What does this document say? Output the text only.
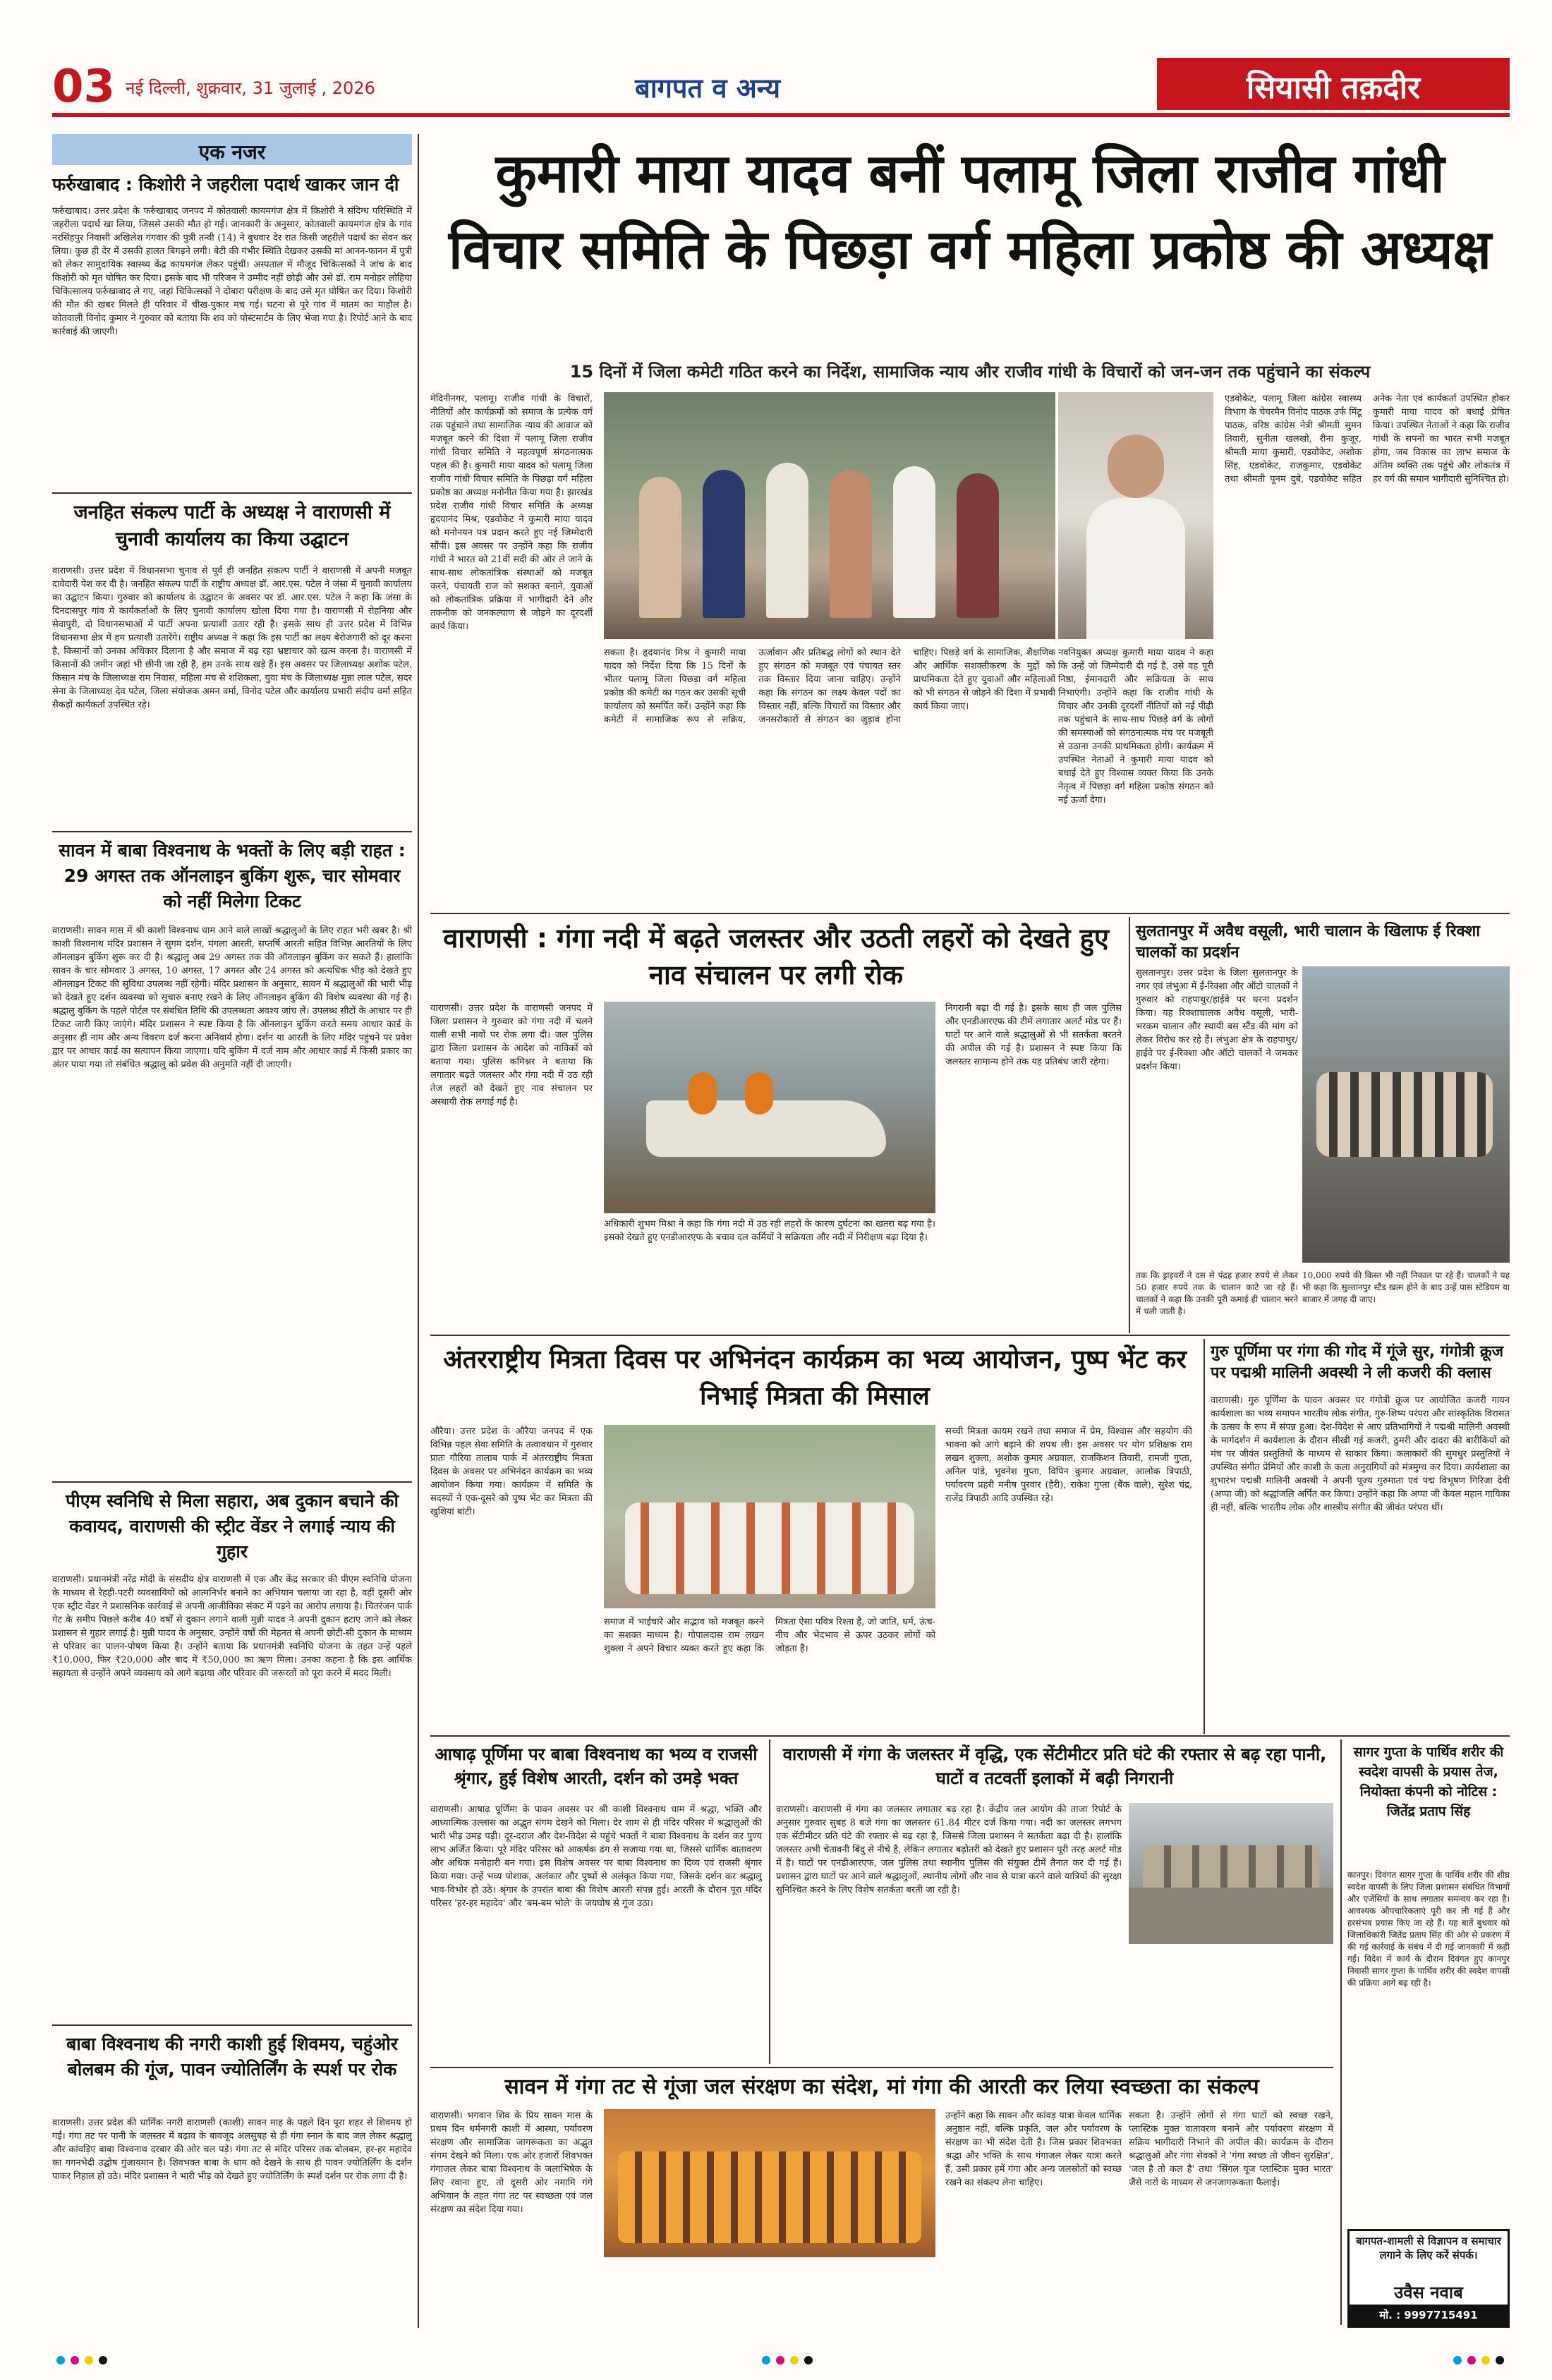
03 नई दिल्ली, शुक्रवार, 31 जुलाई , 2026	बागपत व अन्य	सियासी तक़दीर
एक नजर
फर्रुखाबाद : किशोरी ने जहरीला पदार्थ खाकर जान दी

फर्रुखाबाद। उत्तर प्रदेश के फर्रुखाबाद जनपद में कोतवाली कायमगंज क्षेत्र में किशोरी ने संदिग्ध परिस्थिति में जहरीला पदार्थ खा लिया, जिससे उसकी मौत हो गई। जानकारी के अनुसार, कोतवाली कायमगंज क्षेत्र के गांव नरसिंहपुर निवासी अखिलेश गंगवार की पुत्री तन्वी (14) ने बुधवार देर रात किसी जहरीले पदार्थ का सेवन कर लिया। कुछ ही देर में उसकी हालत बिगड़ने लगी। बेटी की गंभीर स्थिति देखकर उसकी मां आनन-फानन में पुत्री को लेकर सामुदायिक स्वास्थ्य केंद्र कायमगंज लेकर पहुंचीं। अस्पताल में मौजूद चिकित्सकों ने जांच के बाद किशोरी को मृत घोषित कर दिया। इसके बाद भी परिजन ने उम्मीद नहीं छोड़ी और उसे डॉ. राम मनोहर लोहिया चिकित्सालय फर्रुखाबाद ले गए, जहां चिकित्सकों ने दोबारा परीक्षण के बाद उसे मृत घोषित कर दिया। किशोरी की मौत की खबर मिलते ही परिवार में चीख-पुकार मच गई। घटना से पूरे गांव में मातम का माहौल है। कोतवाली विनोद कुमार ने गुरुवार को बताया कि शव को पोस्टमार्टम के लिए भेजा गया है। रिपोर्ट आने के बाद कार्रवाई की जाएगी।

जनहित संकल्प पार्टी के अध्यक्ष ने वाराणसी में चुनावी कार्यालय का किया उद्घाटन

वाराणसी। उत्तर प्रदेश में विधानसभा चुनाव से पूर्व ही जनहित संकल्प पार्टी ने वाराणसी में अपनी मजबूत दावेदारी पेश कर दी है। जनहित संकल्प पार्टी के राष्ट्रीय अध्यक्ष डॉ. आर.एस. पटेल ने जंसा में चुनावी कार्यालय का उद्घाटन किया। गुरुवार को कार्यालय के उद्घाटन के अवसर पर डॉ. आर.एस. पटेल ने कहा कि जंसा के दिनदासपुर गांव में कार्यकर्ताओं के लिए चुनावी कार्यालय खोला दिया गया है। वाराणसी में रोहनिया और सेवापुरी, दो विधानसभाओं में पार्टी अपना प्रत्याशी उतार रही है। इसके साथ ही उत्तर प्रदेश में विभिन्न विधानसभा क्षेत्र में हम प्रत्याशी उतारेंगे। राष्ट्रीय अध्यक्ष ने कहा कि इस पार्टी का लक्ष्य बेरोजगारी को दूर करना है, किसानों को उनका अधिकार दिलाना है और समाज में बढ़ रहा भ्रष्टाचार को खत्म करना है। वाराणसी में किसानों की जमीन जहां भी छीनी जा रही है, हम उनके साथ खड़े हैं। इस अवसर पर जिलाध्यक्ष अशोक पटेल, किसान मंच के जिलाध्यक्ष राम निवास, महिला मंच से शशिकला, युवा मंच के जिलाध्यक्ष मुन्ना लाल पटेल, सदर सेना के जिलाध्यक्ष देव पटेल, जिला संयोजक अमन वर्मा, विनोद पटेल और कार्यालय प्रभारी संदीप वर्मा सहित सैकड़ों कार्यकर्ता उपस्थित रहे।

सावन में बाबा विश्वनाथ के भक्तों के लिए बड़ी राहत : 29 अगस्त तक ऑनलाइन बुकिंग शुरू, चार सोमवार को नहीं मिलेगा टिकट

वाराणसी। सावन मास में श्री काशी विश्वनाथ धाम आने वाले लाखों श्रद्धालुओं के लिए राहत भरी खबर है। श्री काशी विश्वनाथ मंदिर प्रशासन ने सुगम दर्शन, मंगला आरती, सप्तर्षि आरती सहित विभिन्न आरतियों के लिए ऑनलाइन बुकिंग शुरू कर दी है। श्रद्धालु अब 29 अगस्त तक की ऑनलाइन बुकिंग कर सकते हैं। हालांकि सावन के चार सोमवार 3 अगस्त, 10 अगस्त, 17 अगस्त और 24 अगस्त को अत्यधिक भीड़ को देखते हुए ऑनलाइन टिकट की सुविधा उपलब्ध नहीं रहेगी। मंदिर प्रशासन के अनुसार, सावन में श्रद्धालुओं की भारी भीड़ को देखते हुए दर्शन व्यवस्था को सुचारु बनाए रखने के लिए ऑनलाइन बुकिंग की विशेष व्यवस्था की गई है। श्रद्धालु बुकिंग के पहले पोर्टल पर संबंधित तिथि की उपलब्धता अवश्य जांच लें। उपलब्ध सीटों के आधार पर ही टिकट जारी किए जाएंगे। मंदिर प्रशासन ने स्पष्ट किया है कि ऑनलाइन बुकिंग करते समय आधार कार्ड के अनुसार ही नाम और अन्य विवरण दर्ज करना अनिवार्य होगा। दर्शन या आरती के लिए मंदिर पहुंचने पर प्रवेश द्वार पर आधार कार्ड का सत्यापन किया जाएगा। यदि बुकिंग में दर्ज नाम और आधार कार्ड में किसी प्रकार का अंतर पाया गया तो संबंधित श्रद्धालु को प्रवेश की अनुमति नहीं दी जाएगी।

पीएम स्वनिधि से मिला सहारा, अब दुकान बचाने की कवायद, वाराणसी की स्ट्रीट वेंडर ने लगाई न्याय की गुहार

वाराणसी। प्रधानमंत्री नरेंद्र मोदी के संसदीय क्षेत्र वाराणसी में एक और केंद्र सरकार की पीएम स्वनिधि योजना के माध्यम से रेहड़ी-पटरी व्यवसायियों को आत्मनिर्भर बनाने का अभियान चलाया जा रहा है, वहीं दूसरी ओर एक स्ट्रीट वेंडर ने प्रशासनिक कार्रवाई से अपनी आजीविका संकट में पड़ने का आरोप लगाया है। चितरंजन पार्क गेट के समीप पिछले करीब 40 वर्षों से दुकान लगाने वाली मुन्नी यादव ने अपनी दुकान हटाए जाने को लेकर प्रशासन से गुहार लगाई है। मुन्नी यादव के अनुसार, उन्होंने वर्षों की मेहनत से अपनी छोटी-सी दुकान के माध्यम से परिवार का पालन-पोषण किया है। उन्होंने बताया कि प्रधानमंत्री स्वनिधि योजना के तहत उन्हें पहले ₹10,000, फिर ₹20,000 और बाद में ₹50,000 का ऋण मिला। उनका कहना है कि इस आर्थिक सहायता से उन्होंने अपने व्यवसाय को आगे बढ़ाया और परिवार की जरूरतों को पूरा करने में मदद मिली।

बाबा विश्वनाथ की नगरी काशी हुई शिवमय, चहुंओर बोलबम की गूंज, पावन ज्योतिर्लिंग के स्पर्श पर रोक

वाराणसी। उत्तर प्रदेश की धार्मिक नगरी वाराणसी (काशी) सावन माह के पहले दिन पूरा शहर से शिवमय हो गई। गंगा तट पर पानी के जलस्तर में बढ़ाव के बावजूद अलसुबह से ही गंगा स्नान के बाद जल लेकर श्रद्धालु और कांवड़िए बाबा विश्वनाथ दरबार की ओर चल पड़े। गंगा तट से मंदिर परिसर तक बोलबम, हर-हर महादेव का गगनभेदी उद्घोष गुंजायमान है। शिवभक्त बाबा के धाम को देखने के साथ ही पावन ज्योतिर्लिंग के दर्शन पाकर निहाल हो उठे। मंदिर प्रशासन ने भारी भीड़ को देखते हुए ज्योतिर्लिंग के स्पर्श दर्शन पर रोक लगा दी है।

कुमारी माया यादव बनीं पलामू जिला राजीव गांधी
विचार समिति के पिछड़ा वर्ग महिला प्रकोष्ठ की अध्यक्ष
15 दिनों में जिला कमेटी गठित करने का निर्देश, सामाजिक न्याय और राजीव गांधी के विचारों को जन-जन तक पहुंचाने का संकल्प

मेदिनीनगर, पलामू। राजीव गांधी के विचारों, नीतियों और कार्यक्रमों को समाज के प्रत्येक वर्ग तक पहुंचाने तथा सामाजिक न्याय की आवाज को मजबूत करने की दिशा में पलामू जिला राजीव गांधी विचार समिति ने महत्वपूर्ण संगठनात्मक पहल की है। कुमारी माया यादव को पलामू जिला राजीव गांधी विचार समिति के पिछड़ा वर्ग महिला प्रकोष्ठ का अध्यक्ष मनोनीत किया गया है। झारखंड प्रदेश राजीव गांधी विचार समिति के अध्यक्ष हृदयानंद मिश्र, एडवोकेट ने कुमारी माया यादव को मनोनयन पत्र प्रदान करते हुए नई जिम्मेदारी सौंपी। इस अवसर पर उन्होंने कहा कि राजीव गांधी ने भारत को 21वीं सदी की ओर ले जाने के साथ-साथ लोकतांत्रिक संस्थाओं को मजबूत करने, पंचायती राज को सशक्त बनाने, युवाओं को लोकतांत्रिक प्रक्रिया में भागीदारी देने और तकनीक को जनकल्याण से जोड़ने का दूरदर्शी कार्य किया।

सकता है। हृदयानंद मिश्र ने कुमारी माया यादव को निर्देश दिया कि 15 दिनों के भीतर पलामू जिला पिछड़ा वर्ग महिला प्रकोष्ठ की कमेटी का गठन कर उसकी सूची कार्यालय को समर्पित करें। उन्होंने कहा कि कमेटी में सामाजिक रूप से सक्रिय, ऊर्जावान और प्रतिबद्ध लोगों को स्थान देते हुए संगठन को मजबूत एवं पंचायत स्तर तक विस्तार दिया जाना चाहिए। उन्होंने कहा कि संगठन का लक्ष्य केवल पदों का विस्तार नहीं, बल्कि विचारों का विस्तार और जनसरोकारों से संगठन का जुड़ाव होना चाहिए। पिछड़े वर्ग के सामाजिक, शैक्षणिक और आर्थिक सशक्तीकरण के मुद्दों को प्राथमिकता देते हुए युवाओं और महिलाओं को भी संगठन से जोड़ने की दिशा में प्रभावी कार्य किया जाए।

नवनियुक्त अध्यक्ष कुमारी माया यादव ने कहा कि उन्हें जो जिम्मेदारी दी गई है, उसे वह पूरी निष्ठा, ईमानदारी और सक्रियता के साथ निभाएंगी। उन्होंने कहा कि राजीव गांधी के विचार और उनकी दूरदर्शी नीतियों को नई पीढ़ी तक पहुंचाने के साथ-साथ पिछड़े वर्ग के लोगों की समस्याओं को संगठनात्मक मंच पर मजबूती से उठाना उनकी प्राथमिकता होगी। कार्यक्रम में उपस्थित नेताओं ने कुमारी माया यादव को बधाई देते हुए विश्वास व्यक्त किया कि उनके नेतृत्व में पिछड़ा वर्ग महिला प्रकोष्ठ संगठन को नई ऊर्जा देगा।

एडवोकेट, पलामू जिला कांग्रेस स्वास्थ्य विभाग के चेयरमैन विनोद पाठक उर्फ मिंटू पाठक, वरिष्ठ कांग्रेस नेत्री श्रीमती सुमन तिवारी, सुनीता खलखो, रीना कुजूर, श्रीमती माया कुमारी, एडवोकेट, अशोक सिंह, एडवोकेट, राजकुमार, एडवोकेट तथा श्रीमती पूनम दुबे, एडवोकेट सहित अनेक नेता एवं कार्यकर्ता उपस्थित होकर कुमारी माया यादव को बधाई प्रेषित किया। उपस्थित नेताओं ने कहा कि राजीव गांधी के सपनों का भारत सभी मजबूत होगा, जब विकास का लाभ समाज के अंतिम व्यक्ति तक पहुंचे और लोकतंत्र में हर वर्ग की समान भागीदारी सुनिश्चित हो।

वाराणसी : गंगा नदी में बढ़ते जलस्तर और उठती लहरों को देखते हुए नाव संचालन पर लगी रोक

वाराणसी। उत्तर प्रदेश के वाराणसी जनपद में जिला प्रशासन ने गुरुवार को गंगा नदी में चलने वाली सभी नावों पर रोक लगा दी। जल पुलिस द्वारा जिला प्रशासन के आदेश को नाविकों को बताया गया। पुलिस कमिश्नर ने बताया कि लगातार बढ़ते जलस्तर और गंगा नदी में उठ रही तेज लहरों को देखते हुए नाव संचालन पर अस्थायी रोक लगाई गई है।

निगरानी बढ़ा दी गई है। इसके साथ ही जल पुलिस और एनडीआरएफ की टीमें लगातार अलर्ट मोड पर हैं। घाटों पर आने वाले श्रद्धालुओं से भी सतर्कता बरतने की अपील की गई है। प्रशासन ने स्पष्ट किया कि जलस्तर सामान्य होने तक यह प्रतिबंध जारी रहेगा।

अधिकारी शुभम मिश्रा ने कहा कि गंगा नदी में उठ रही लहरों के कारण दुर्घटना का खतरा बढ़ गया है। इसको देखते हुए एनडीआरएफ के बचाव दल कर्मियों ने सक्रियता और नदी में निरीक्षण बढ़ा दिया है।

सुलतानपुर में अवैध वसूली, भारी चालान के खिलाफ ई रिक्शा चालकों का प्रदर्शन

सुलतानपुर। उत्तर प्रदेश के जिला सुलतानपुर के नगर एवं लंभुआ में ई-रिक्शा और ऑटो चालकों ने गुरुवार को राहपाथुर/हाईवे पर धरना प्रदर्शन किया। यह रिक्शाचालक अवैध वसूली, भारी-भरकम चालान और स्थायी बस स्टैंड की मांग को लेकर विरोध कर रहे हैं। लंभुआ क्षेत्र के राहपाथुर/हाईवे पर ई-रिक्शा और ऑटो चालकों ने जमकर प्रदर्शन किया।

तक कि ड्राइवरों ने दस से पंद्रह हजार रुपये से लेकर 50 हजार रुपये तक के चालान काटे जा रहे हैं। चालकों ने कहा कि उनकी पूरी कमाई ही चालान भरने में चली जाती है।

10,000 रुपये की किस्त भी नहीं निकाल पा रहे हैं। चालकों ने यह भी कहा कि सुल्तानपुर स्टैंड खत्म होने के बाद उन्हें पास स्टेडियम या बाजार में जगह दी जाए।

अंतरराष्ट्रीय मित्रता दिवस पर अभिनंदन कार्यक्रम का भव्य आयोजन, पुष्प भेंट कर निभाई मित्रता की मिसाल

औरैया। उत्तर प्रदेश के औरैया जनपद में एक विभिन्न पहल सेवा समिति के तत्वावधान में गुरुवार प्रातः गौरिया तालाब पार्क में अंतरराष्ट्रीय मित्रता दिवस के अवसर पर अभिनंदन कार्यक्रम का भव्य आयोजन किया गया। कार्यक्रम में समिति के सदस्यों ने एक-दूसरे को पुष्प भेंट कर मित्रता की खुशियां बांटी।

समाज में भाईचारे और सद्भाव को मजबूत करने का सशक्त माध्यम है। गोपालदास राम लखन शुक्ला ने अपने विचार व्यक्त करते हुए कहा कि मित्रता ऐसा पवित्र रिश्ता है, जो जाति, धर्म, ऊंच-नीच और भेदभाव से ऊपर उठकर लोगों को जोड़ता है।

सच्ची मित्रता कायम रखने तथा समाज में प्रेम, विश्वास और सहयोग की भावना को आगे बढ़ाने की शपथ ली। इस अवसर पर योग प्रशिक्षक राम लखन शुक्ला, अशोक कुमार अग्रवाल, राजकिशन तिवारी, रामजी गुप्ता, अनिल पांडे, भुवनेश गुप्ता, विपिन कुमार अग्रवाल, आलोक त्रिपाठी, पर्यावरण प्रहरी मनीष पुरवार (हैरी), राकेश गुप्ता (बैंक वाले), सुरेश चंद्र, राजेंद्र त्रिपाठी आदि उपस्थित रहे।

गुरु पूर्णिमा पर गंगा की गोद में गूंजे सुर, गंगोत्री क्रूज पर पद्मश्री मालिनी अवस्थी ने ली कजरी की क्लास

वाराणसी। गुरु पूर्णिमा के पावन अवसर पर गंगोत्री क्रूज पर आयोजित कजरी गायन कार्यशाला का भव्य समापन भारतीय लोक संगीत, गुरु-शिष्य परंपरा और सांस्कृतिक विरासत के उत्सव के रूप में संपन्न हुआ। देश-विदेश से आए प्रतिभागियों ने पद्मश्री मालिनी अवस्थी के मार्गदर्शन में कार्यशाला के दौरान सीखी गई कजरी, ठुमरी और दादरा की बारीकियों को मंच पर जीवंत प्रस्तुतियों के माध्यम से साकार किया। कलाकारों की सुमधुर प्रस्तुतियों ने उपस्थित संगीत प्रेमियों और काशी के कला अनुरागियों को मंत्रमुग्ध कर दिया। कार्यशाला का शुभारंभ पद्मश्री मालिनी अवस्थी ने अपनी पूज्य गुरुमाता एवं पद्म विभूषण गिरिजा देवी (अप्पा जी) को श्रद्धांजलि अर्पित कर किया। उन्होंने कहा कि अप्पा जी केवल महान गायिका ही नहीं, बल्कि भारतीय लोक और शास्त्रीय संगीत की जीवंत परंपरा थीं।

आषाढ़ पूर्णिमा पर बाबा विश्वनाथ का भव्य व राजसी श्रृंगार, हुई विशेष आरती, दर्शन को उमड़े भक्त

वाराणसी। आषाढ़ पूर्णिमा के पावन अवसर पर श्री काशी विश्वनाथ धाम में श्रद्धा, भक्ति और आध्यात्मिक उल्लास का अद्भुत संगम देखने को मिला। देर शाम से ही मंदिर परिसर में श्रद्धालुओं की भारी भीड़ उमड़ पड़ी। दूर-दराज और देश-विदेश से पहुंचे भक्तों ने बाबा विश्वनाथ के दर्शन कर पुण्य लाभ अर्जित किया। पूरे मंदिर परिसर को आकर्षक ढंग से सजाया गया था, जिससे धार्मिक वातावरण और अधिक मनोहारी बन गया। इस विशेष अवसर पर बाबा विश्वनाथ का दिव्य एवं राजसी श्रृंगार किया गया। उन्हें भव्य पोशाक, अलंकार और पुष्पों से अलंकृत किया गया, जिसके दर्शन कर श्रद्धालु भाव-विभोर हो उठे। श्रृंगार के उपरांत बाबा की विशेष आरती संपन्न हुई। आरती के दौरान पूरा मंदिर परिसर 'हर-हर महादेव' और 'बम-बम भोले' के जयघोष से गूंज उठा।

वाराणसी में गंगा के जलस्तर में वृद्धि, एक सेंटीमीटर प्रति घंटे की रफ्तार से बढ़ रहा पानी, घाटों व तटवर्ती इलाकों में बढ़ी निगरानी

वाराणसी। वाराणसी में गंगा का जलस्तर लगातार बढ़ रहा है। केंद्रीय जल आयोग की ताजा रिपोर्ट के अनुसार गुरुवार सुबह 8 बजे गंगा का जलस्तर 61.84 मीटर दर्ज किया गया। नदी का जलस्तर लगभग एक सेंटीमीटर प्रति घंटे की रफ्तार से बढ़ रहा है, जिससे जिला प्रशासन ने सतर्कता बढ़ा दी है। हालांकि जलस्तर अभी चेतावनी बिंदु से नीचे है, लेकिन लगातार बढ़ोतरी को देखते हुए प्रशासन पूरी तरह अलर्ट मोड में है। घाटों पर एनडीआरएफ, जल पुलिस तथा स्थानीय पुलिस की संयुक्त टीमें तैनात कर दी गई हैं। प्रशासन द्वारा घाटों पर आने वाले श्रद्धालुओं, स्थानीय लोगों और नाव से यात्रा करने वाले यात्रियों की सुरक्षा सुनिश्चित करने के लिए विशेष सतर्कता बरती जा रही है।

सागर गुप्ता के पार्थिव शरीर की स्वदेश वापसी के प्रयास तेज, नियोक्ता कंपनी को नोटिस : जितेंद्र प्रताप सिंह

कानपुर। दिवंगत सागर गुप्ता के पार्थिव शरीर की शीघ्र स्वदेश वापसी के लिए जिला प्रशासन संबंधित विभागों और एजेंसियों के साथ लगातार समन्वय कर रहा है। आवश्यक औपचारिकताएं पूरी कर ली गई हैं और हरसंभव प्रयास किए जा रहे हैं। यह बातें बुधवार को जिलाधिकारी जितेंद्र प्रताप सिंह की ओर से प्रकरण में की गई कार्रवाई के संबंध में दी गई जानकारी में कही गईं। विदेश में कार्य के दौरान दिवंगत हुए कानपुर निवासी सागर गुप्ता के पार्थिव शरीर की स्वदेश वापसी की प्रक्रिया आगे बढ़ रही है।

सावन में गंगा तट से गूंजा जल संरक्षण का संदेश, मां गंगा की आरती कर लिया स्वच्छता का संकल्प

वाराणसी। भगवान शिव के प्रिय सावन मास के प्रथम दिन धर्मनगरी काशी में आस्था, पर्यावरण संरक्षण और सामाजिक जागरूकता का अद्भुत संगम देखने को मिला। एक ओर हजारों शिवभक्त गंगाजल लेकर बाबा विश्वनाथ के जलाभिषेक के लिए रवाना हुए, तो दूसरी ओर नमामि गंगे अभियान के तहत गंगा तट पर स्वच्छता एवं जल संरक्षण का संदेश दिया गया।

उन्होंने कहा कि सावन और कांवड़ यात्रा केवल धार्मिक अनुष्ठान नहीं, बल्कि प्रकृति, जल और पर्यावरण के संरक्षण का भी संदेश देती है। जिस प्रकार शिवभक्त श्रद्धा और भक्ति के साथ गंगाजल लेकर यात्रा करते हैं, उसी प्रकार हमें गंगा और अन्य जलस्रोतों को स्वच्छ रखने का संकल्प लेना चाहिए।

सकता है। उन्होंने लोगों से गंगा घाटों को स्वच्छ रखने, प्लास्टिक मुक्त वातावरण बनाने और पर्यावरण संरक्षण में सक्रिय भागीदारी निभाने की अपील की। कार्यक्रम के दौरान श्रद्धालुओं और गंगा सेवकों ने 'गंगा स्वच्छ तो जीवन सुरक्षित', 'जल है तो कल है' तथा 'सिंगल यूज प्लास्टिक मुक्त भारत' जैसे नारों के माध्यम से जनजागरूकता फैलाई।

बागपत-शामली से विज्ञापन व समाचार लगाने के लिए करें संपर्क।
उवैस नवाब
मो. : 9997715491
